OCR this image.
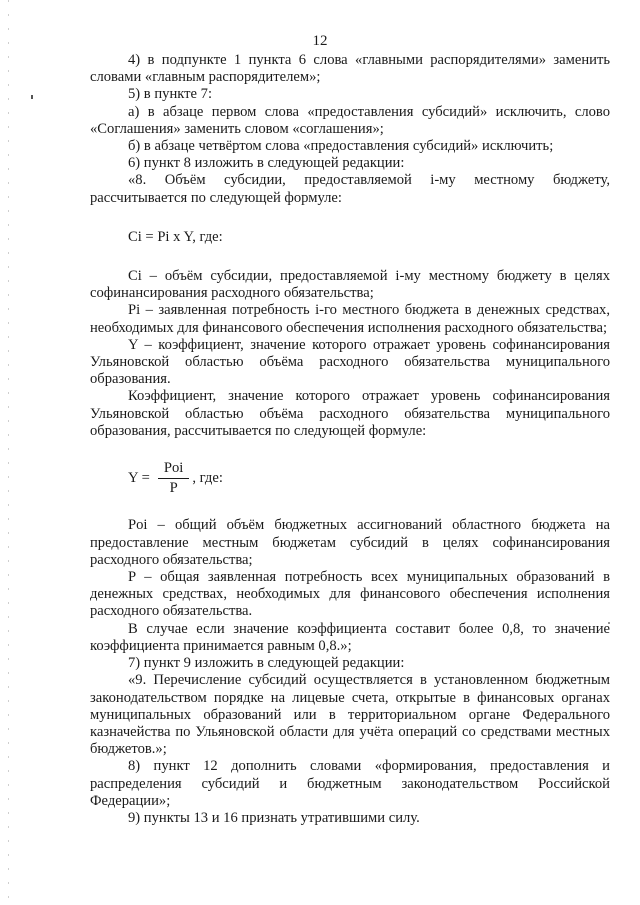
12

4) в подпункте 1 пункта 6 слова «главными распорядителями» заменить словами «главным распорядителем»;

5) в пункте 7:

а) в абзаце первом слова «предоставления субсидий» исключить, слово «Соглашения» заменить словом «соглашения»;

б) в абзаце четвёртом слова «предоставления субсидий» исключить;

6) пункт 8 изложить в следующей редакции:

«8. Объём субсидии, предоставляемой i-му местному бюджету, рассчитывается по следующей формуле:

Ci = Pi x Y, где:

Ci – объём субсидии, предоставляемой i-му местному бюджету в целях софинансирования расходного обязательства;

Pi – заявленная потребность i-го местного бюджета в денежных средствах, необходимых для финансового обеспечения исполнения расходного обязательства;

Y – коэффициент, значение которого отражает уровень софинансирования Ульяновской областью объёма расходного обязательства муниципального образования.

Коэффициент, значение которого отражает уровень софинансирования Ульяновской областью объёма расходного обязательства муниципального образования, рассчитывается по следующей формуле:

$Y = \frac{\text{Poi}}{P}$ , где:

Poi – общий объём бюджетных ассигнований областного бюджета на предоставление местным бюджетам субсидий в целях софинансирования расходного обязательства;

P – общая заявленная потребность всех муниципальных образований в денежных средствах, необходимых для финансового обеспечения исполнения расходного обязательства.

В случае если значение коэффициента составит более 0,8, то значение коэффициента принимается равным 0,8.»;

7) пункт 9 изложить в следующей редакции:

«9. Перечисление субсидий осуществляется в установленном бюджетным законодательством порядке на лицевые счета, открытые в финансовых органах муниципальных образований или в территориальном органе Федерального казначейства по Ульяновской области для учёта операций со средствами местных бюджетов.»;

8) пункт 12 дополнить словами «формирования, предоставления и распределения субсидий и бюджетным законодательством Российской Федерации»;

9) пункты 13 и 16 признать утратившими силу.
